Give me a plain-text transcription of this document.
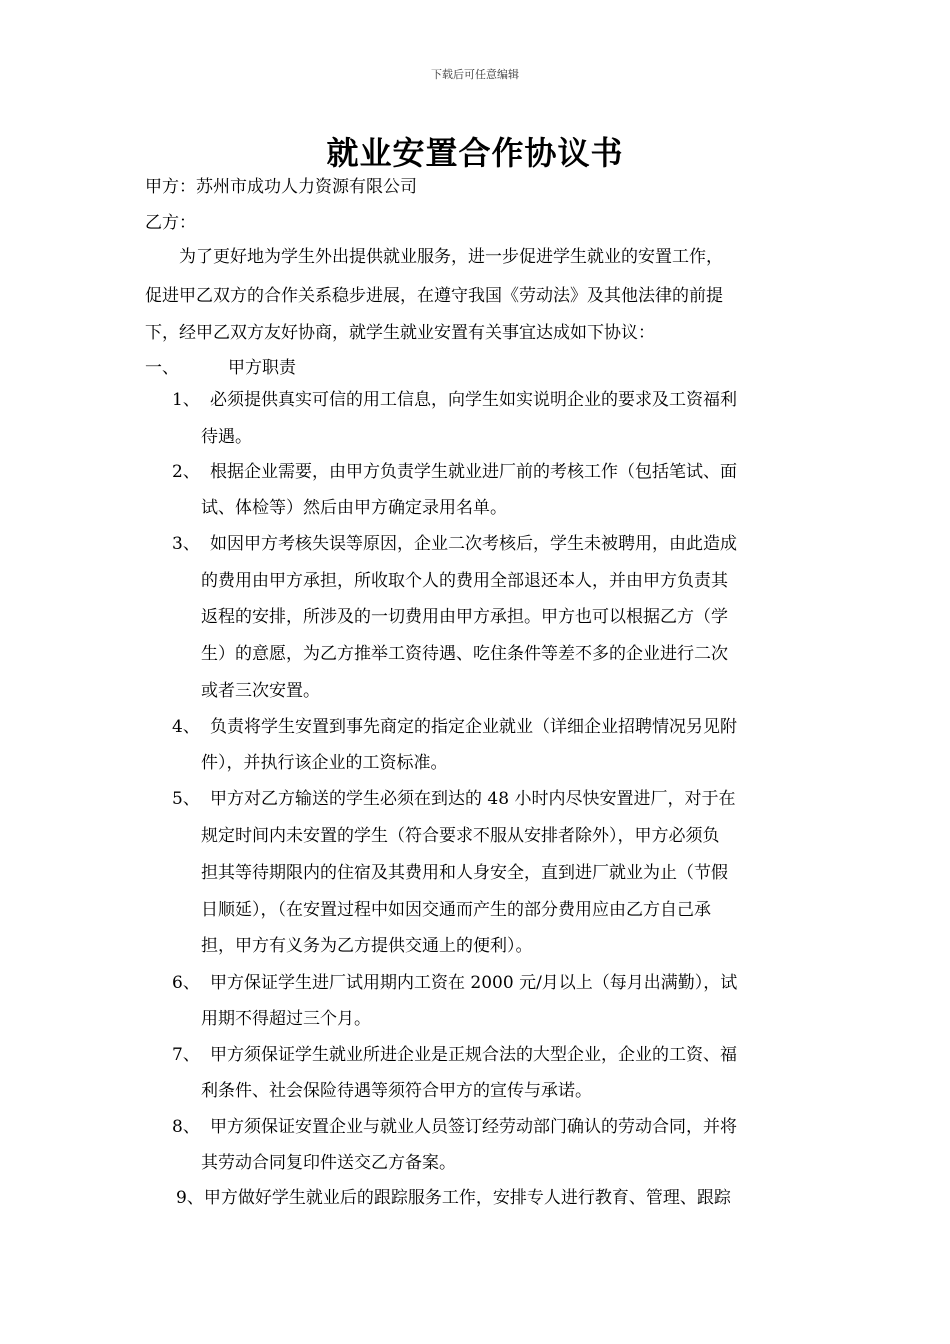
下载后可任意编辑
就业安置合作协议书
甲方：苏州市成功人力资源有限公司
乙方：
　　为了更好地为学生外出提供就业服务，进一步促进学生就业的安置工作，
促进甲乙双方的合作关系稳步进展，在遵守我国《劳动法》及其他法律的前提
下，经甲乙双方友好协商，就学生就业安置有关事宜达成如下协议：
一、	甲方职责
1、 必须提供真实可信的用工信息，向学生如实说明企业的要求及工资福利
待遇。
2、 根据企业需要，由甲方负责学生就业进厂前的考核工作（包括笔试、面
试、体检等）然后由甲方确定录用名单。
3、 如因甲方考核失误等原因，企业二次考核后，学生未被聘用，由此造成
的费用由甲方承担，所收取个人的费用全部退还本人，并由甲方负责其
返程的安排，所涉及的一切费用由甲方承担。甲方也可以根据乙方（学
生）的意愿，为乙方推举工资待遇、吃住条件等差不多的企业进行二次
或者三次安置。
4、 负责将学生安置到事先商定的指定企业就业（详细企业招聘情况另见附
件），并执行该企业的工资标准。
5、 甲方对乙方输送的学生必须在到达的 48 小时内尽快安置进厂，对于在
规定时间内未安置的学生（符合要求不服从安排者除外），甲方必须负
担其等待期限内的住宿及其费用和人身安全，直到进厂就业为止（节假
日顺延），（在安置过程中如因交通而产生的部分费用应由乙方自己承
担，甲方有义务为乙方提供交通上的便利）。
6、 甲方保证学生进厂试用期内工资在 2000 元/月以上（每月出满勤），试
用期不得超过三个月。
7、 甲方须保证学生就业所进企业是正规合法的大型企业，企业的工资、福
利条件、社会保险待遇等须符合甲方的宣传与承诺。
8、 甲方须保证安置企业与就业人员签订经劳动部门确认的劳动合同，并将
其劳动合同复印件送交乙方备案。
9、甲方做好学生就业后的跟踪服务工作，安排专人进行教育、管理、跟踪
